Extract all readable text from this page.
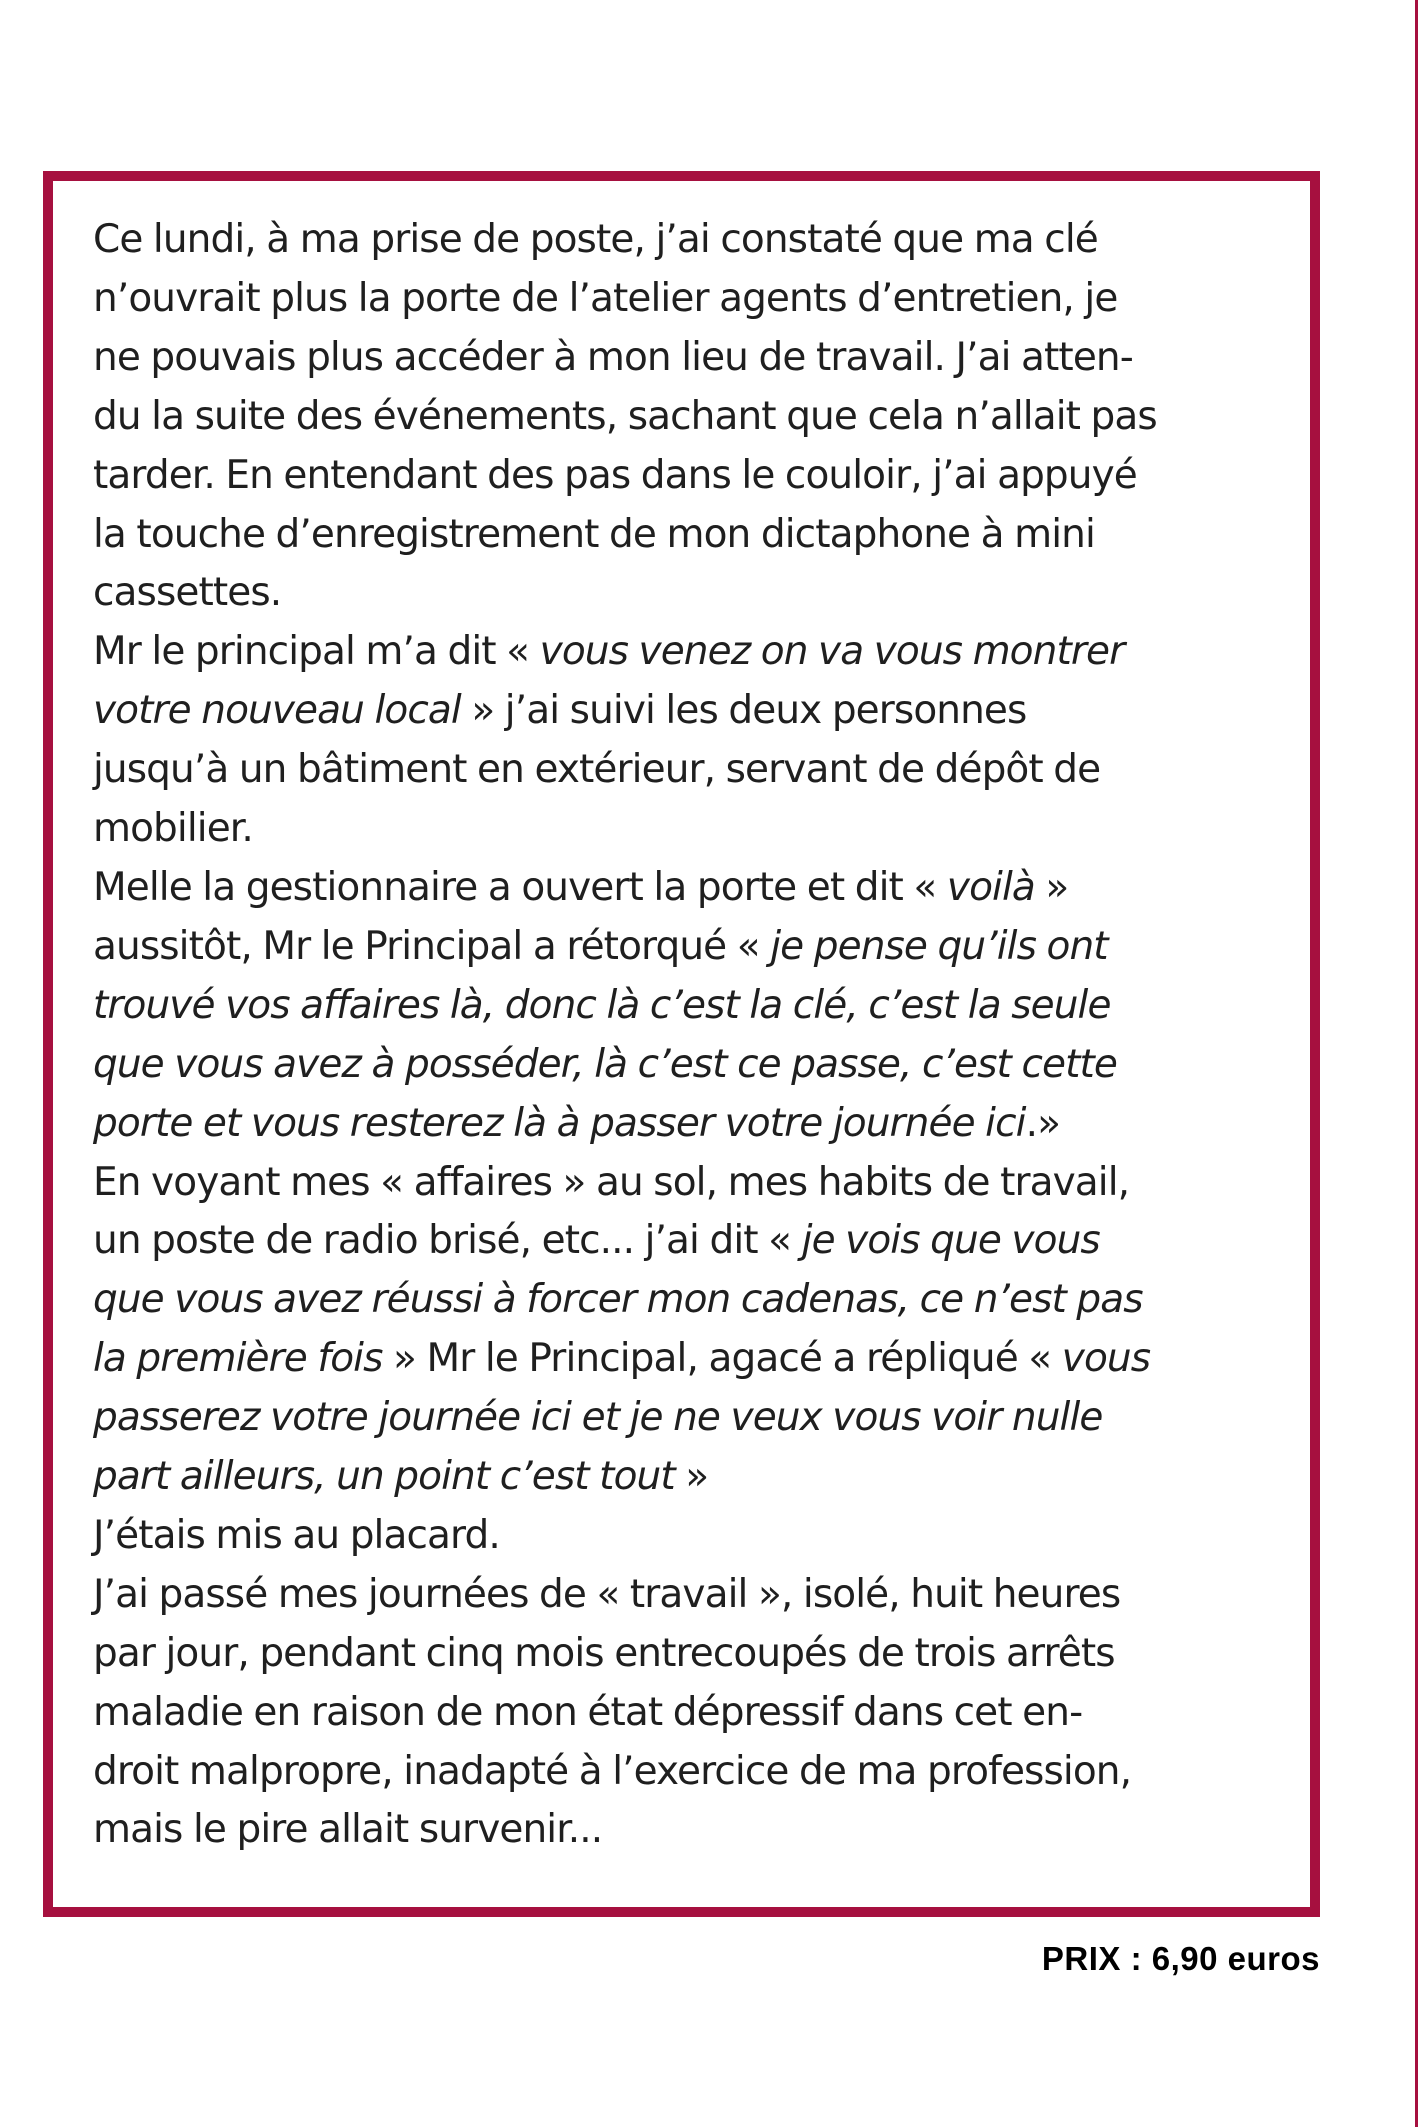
Ce lundi, à ma prise de poste, j’ai constaté que ma clé
n’ouvrait plus la porte de l’atelier agents d’entretien, je
ne pouvais plus accéder à mon lieu de travail. J’ai atten-
du la suite des événements, sachant que cela n’allait pas
tarder. En entendant des pas dans le couloir, j’ai appuyé
la touche d’enregistrement de mon dictaphone à mini
cassettes.

Mr le principal m’a dit « vous venez on va vous montrer
votre nouveau local » j’ai suivi les deux personnes
jusqu’à un bâtiment en extérieur, servant de dépôt de
mobilier.

Melle la gestionnaire a ouvert la porte et dit « voilà »
aussitôt, Mr le Principal a rétorqué « je pense qu’ils ont
trouvé vos affaires là, donc là c’est la clé, c’est la seule
que vous avez à posséder, là c’est ce passe, c’est cette
porte et vous resterez là à passer votre journée ici.»

En voyant mes « affaires » au sol, mes habits de travail,
un poste de radio brisé, etc... j’ai dit « je vois que vous
que vous avez réussi à forcer mon cadenas, ce n’est pas
la première fois » Mr le Principal, agacé a répliqué « vous
passerez votre journée ici et je ne veux vous voir nulle
part ailleurs, un point c’est tout »

J’étais mis au placard.

J’ai passé mes journées de « travail », isolé, huit heures
par jour, pendant cinq mois entrecoupés de trois arrêts
maladie en raison de mon état dépressif dans cet en-
droit malpropre, inadapté à l’exercice de ma profession,
mais le pire allait survenir...

PRIX : 6,90 euros
